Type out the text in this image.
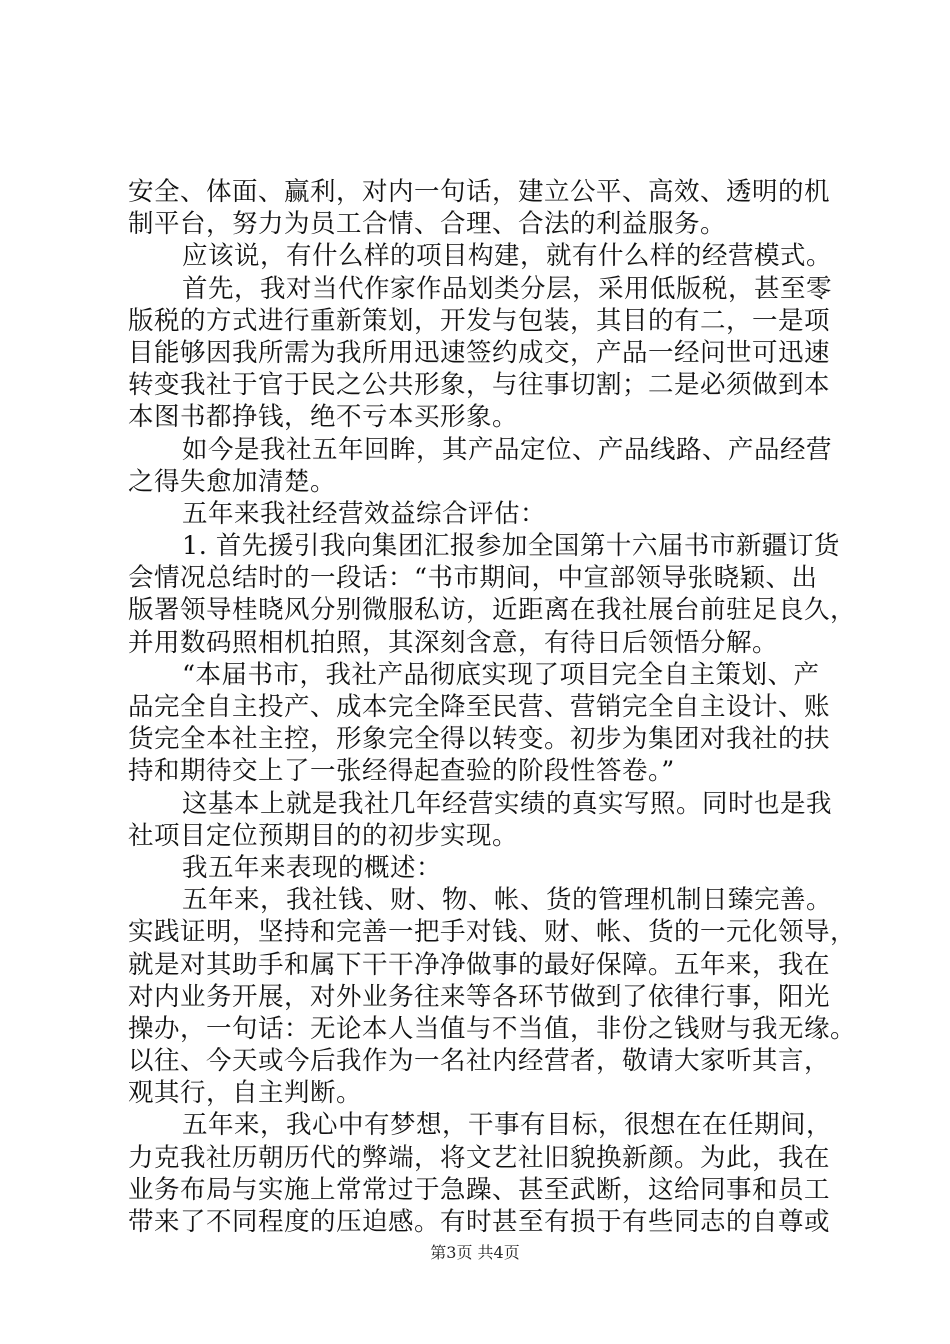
安全、体面、赢利，对内一句话，建立公平、高效、透明的机
制平台，努力为员工合情、合理、合法的利益服务。
应该说，有什么样的项目构建，就有什么样的经营模式。
首先，我对当代作家作品划类分层，采用低版税，甚至零
版税的方式进行重新策划，开发与包装，其目的有二，一是项
目能够因我所需为我所用迅速签约成交，产品一经问世可迅速
转变我社于官于民之公共形象，与往事切割；二是必须做到本
本图书都挣钱，绝不亏本买形象。
如今是我社五年回眸，其产品定位、产品线路、产品经营
之得失愈加清楚。
五年来我社经营效益综合评估：
1. 首先援引我向集团汇报参加全国第十六届书市新疆订货
会情况总结时的一段话：“书市期间，中宣部领导张晓颖、出
版署领导桂晓风分别微服私访，近距离在我社展台前驻足良久，
并用数码照相机拍照，其深刻含意，有待日后领悟分解。
“本届书市，我社产品彻底实现了项目完全自主策划、产
品完全自主投产、成本完全降至民营、营销完全自主设计、账
货完全本社主控，形象完全得以转变。初步为集团对我社的扶
持和期待交上了一张经得起查验的阶段性答卷。”
这基本上就是我社几年经营实绩的真实写照。同时也是我
社项目定位预期目的的初步实现。
我五年来表现的概述：
五年来，我社钱、财、物、帐、货的管理机制日臻完善。
实践证明，坚持和完善一把手对钱、财、帐、货的一元化领导，
就是对其助手和属下干干净净做事的最好保障。五年来，我在
对内业务开展，对外业务往来等各环节做到了依律行事，阳光
操办，一句话：无论本人当值与不当值，非份之钱财与我无缘。
以往、今天或今后我作为一名社内经营者，敬请大家听其言，
观其行，自主判断。
五年来，我心中有梦想，干事有目标，很想在在任期间，
力克我社历朝历代的弊端，将文艺社旧貌换新颜。为此，我在
业务布局与实施上常常过于急躁、甚至武断，这给同事和员工
带来了不同程度的压迫感。有时甚至有损于有些同志的自尊或
第3页 共4页
